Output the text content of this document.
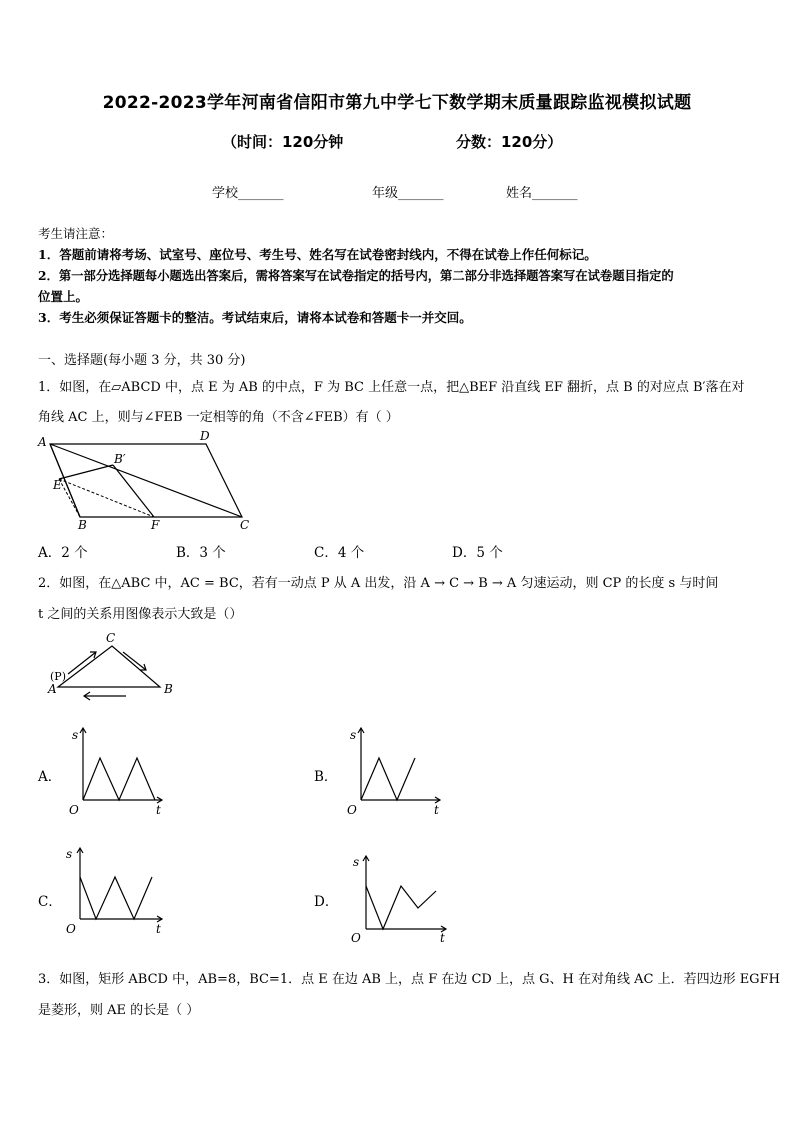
2022-2023学年河南省信阳市第九中学七下数学期末质量跟踪监视模拟试题
（时间：120分钟	分数：120分）
学校_______	年级_______	姓名_______
考生请注意：
1．答题前请将考场、试室号、座位号、考生号、姓名写在试卷密封线内，不得在试卷上作任何标记。
2．第一部分选择题每小题选出答案后，需将答案写在试卷指定的括号内，第二部分非选择题答案写在试卷题目指定的
位置上。
3．考生必须保证答题卡的整洁。考试结束后，请将本试卷和答题卡一并交回。
一、选择题(每小题 3 分，共 30 分)
1．如图，在▱ABCD 中，点 E 为 AB 的中点，F 为 BC 上任意一点，把△BEF 沿直线 EF 翻折，点 B 的对应点 B′落在对
角线 AC 上，则与∠FEB 一定相等的角（不含∠FEB）有（ ）
A	D
B′
E
B	F	C
A．2 个	B．3 个	C．4 个	D．5 个
2．如图，在△ABC 中，AC = BC，若有一动点 P 从 A 出发，沿 A → C → B → A 匀速运动，则 CP 的长度 s 与时间
t 之间的关系用图像表示大致是（）
C
(P)
A	B
A．
s
O	t
B．
s
O	t
C．
s
O	t
D．
s
O	t
3．如图，矩形 ABCD 中，AB=8，BC=1．点 E 在边 AB 上，点 F 在边 CD 上，点 G、H 在对角线 AC 上．若四边形 EGFH
是菱形，则 AE 的长是（ ）
